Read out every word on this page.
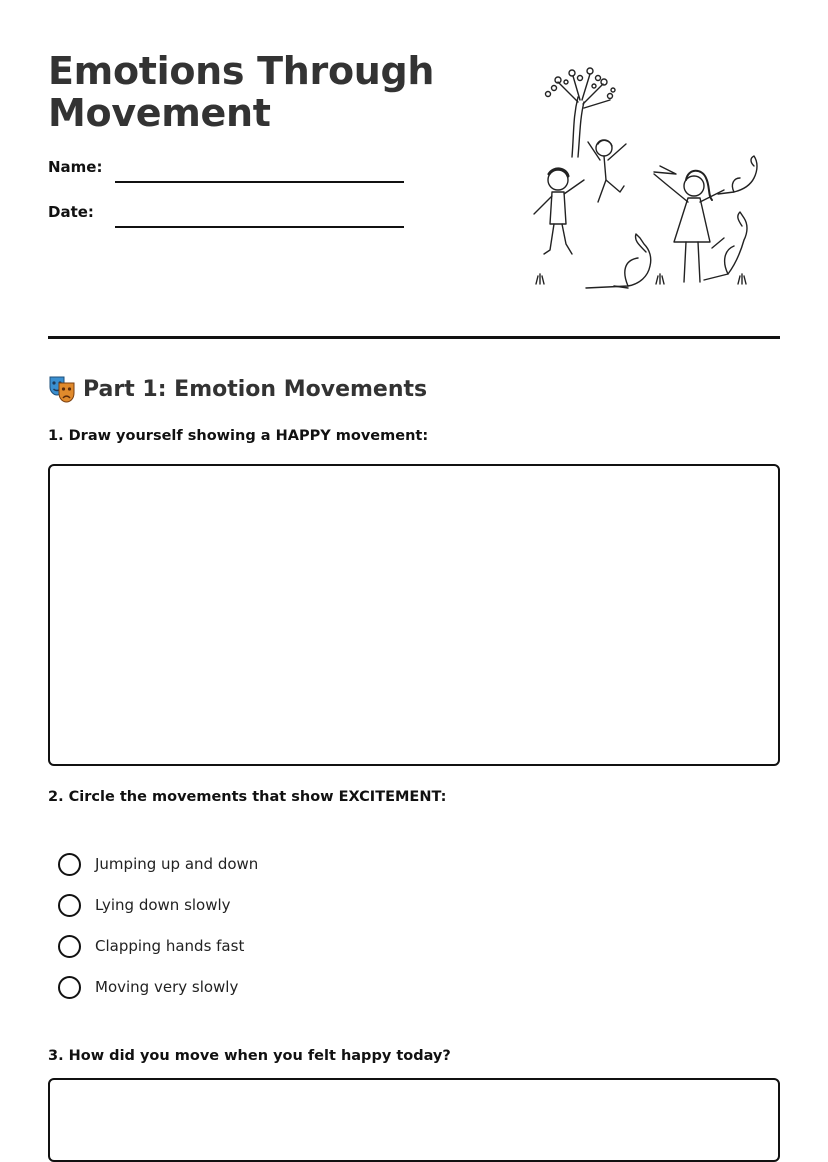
Emotions Through Movement
Name:
Date:
Part 1: Emotion Movements
1. Draw yourself showing a HAPPY movement:
2. Circle the movements that show EXCITEMENT:
Jumping up and down
Lying down slowly
Clapping hands fast
Moving very slowly
3. How did you move when you felt happy today?
